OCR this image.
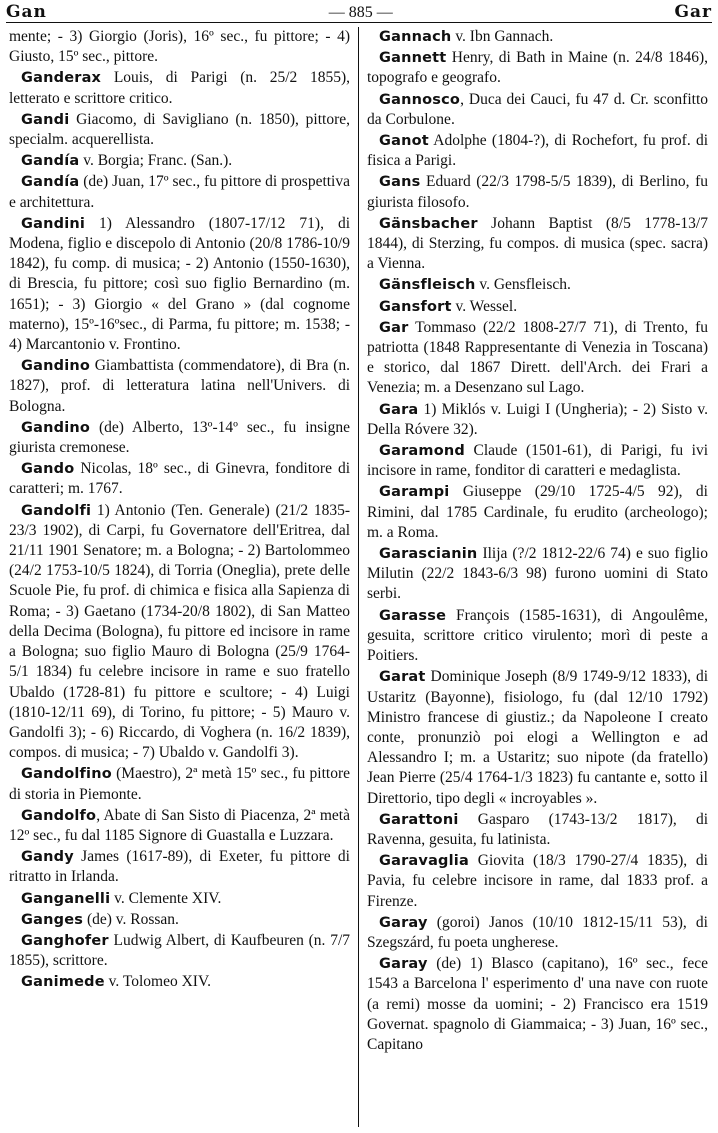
Gan	— 885 —	Gar

mente; - 3) Giorgio (Joris), 16º sec., fu pittore; - 4) Giusto, 15º sec., pittore.

Ganderax Louis, di Parigi (n. 25/2 1855), letterato e scrittore critico.

Gandi Giacomo, di Savigliano (n. 1850), pittore, specialm. acquerellista.

Gandía v. Borgia; Franc. (San.).

Gandía (de) Juan, 17º sec., fu pittore di prospettiva e architettura.

Gandini 1) Alessandro (1807-17/12 71), di Modena, figlio e discepolo di Antonio (20/8 1786-10/9 1842), fu comp. di musica; - 2) Antonio (1550-1630), di Brescia, fu pittore; così suo figlio Bernardino (m. 1651); - 3) Giorgio « del Grano » (dal cognome materno), 15º-16ºsec., di Parma, fu pittore; m. 1538; - 4) Marcantonio v. Frontino.

Gandino Giambattista (commendatore), di Bra (n. 1827), prof. di letteratura latina nell'Univers. di Bologna.

Gandino (de) Alberto, 13º-14º sec., fu insigne giurista cremonese.

Gando Nicolas, 18º sec., di Ginevra, fonditore di caratteri; m. 1767.

Gandolfi 1) Antonio (Ten. Generale) (21/2 1835-23/3 1902), di Carpi, fu Governatore dell'Eritrea, dal 21/11 1901 Senatore; m. a Bologna; - 2) Bartolommeo (24/2 1753-10/5 1824), di Torria (Oneglia), prete delle Scuole Pie, fu prof. di chimica e fisica alla Sapienza di Roma; - 3) Gaetano (1734-20/8 1802), di San Matteo della Decima (Bologna), fu pittore ed incisore in rame a Bologna; suo figlio Mauro di Bologna (25/9 1764-5/1 1834) fu celebre incisore in rame e suo fratello Ubaldo (1728-81) fu pittore e scultore; - 4) Luigi (1810-12/11 69), di Torino, fu pittore; - 5) Mauro v. Gandolfi 3); - 6) Riccardo, di Voghera (n. 16/2 1839), compos. di musica; - 7) Ubaldo v. Gandolfi 3).

Gandolfino (Maestro), 2ª metà 15º sec., fu pittore di storia in Piemonte.

Gandolfo, Abate di San Sisto di Piacenza, 2ª metà 12º sec., fu dal 1185 Signore di Guastalla e Luzzara.

Gandy James (1617-89), di Exeter, fu pittore di ritratto in Irlanda.

Ganganelli v. Clemente XIV.

Ganges (de) v. Rossan.

Ganghofer Ludwig Albert, di Kaufbeuren (n. 7/7 1855), scrittore.

Ganimede v. Tolomeo XIV.

Gannach v. Ibn Gannach.

Gannett Henry, di Bath in Maine (n. 24/8 1846), topografo e geografo.

Gannosco, Duca dei Cauci, fu 47 d. Cr. sconfitto da Corbulone.

Ganot Adolphe (1804-?), di Rochefort, fu prof. di fisica a Parigi.

Gans Eduard (22/3 1798-5/5 1839), di Berlino, fu giurista filosofo.

Gänsbacher Johann Baptist (8/5 1778-13/7 1844), di Sterzing, fu compos. di musica (spec. sacra) a Vienna.

Gänsfleisch v. Gensfleisch.

Gansfort v. Wessel.

Gar Tommaso (22/2 1808-27/7 71), di Trento, fu patriotta (1848 Rappresentante di Venezia in Toscana) e storico, dal 1867 Dirett. dell'Arch. dei Frari a Venezia; m. a Desenzano sul Lago.

Gara 1) Miklós v. Luigi I (Ungheria); - 2) Sisto v. Della Róvere 32).

Garamond Claude (1501-61), di Parigi, fu ivi incisore in rame, fonditor di caratteri e medaglista.

Garampi Giuseppe (29/10 1725-4/5 92), di Rimini, dal 1785 Cardinale, fu erudito (archeologo); m. a Roma.

Garascianin Ilija (?/2 1812-22/6 74) e suo figlio Milutin (22/2 1843-6/3 98) furono uomini di Stato serbi.

Garasse François (1585-1631), di Angoulême, gesuita, scrittore critico virulento; morì di peste a Poitiers.

Garat Dominique Joseph (8/9 1749-9/12 1833), di Ustaritz (Bayonne), fisiologo, fu (dal 12/10 1792) Ministro francese di giustiz.; da Napoleone I creato conte, pronunziò poi elogi a Wellington e ad Alessandro I; m. a Ustaritz; suo nipote (da fratello) Jean Pierre (25/4 1764-1/3 1823) fu cantante e, sotto il Direttorio, tipo degli « incroyables ».

Garattoni Gasparo (1743-13/2 1817), di Ravenna, gesuita, fu latinista.

Garavaglia Giovita (18/3 1790-27/4 1835), di Pavia, fu celebre incisore in rame, dal 1833 prof. a Firenze.

Garay (goroi) Janos (10/10 1812-15/11 53), di Szegszárd, fu poeta ungherese.

Garay (de) 1) Blasco (capitano), 16º sec., fece 1543 a Barcelona l' esperimento d' una nave con ruote (a remi) mosse da uomini; - 2) Francisco era 1519 Governat. spagnolo di Giammaica; - 3) Juan, 16º sec., Capitano
